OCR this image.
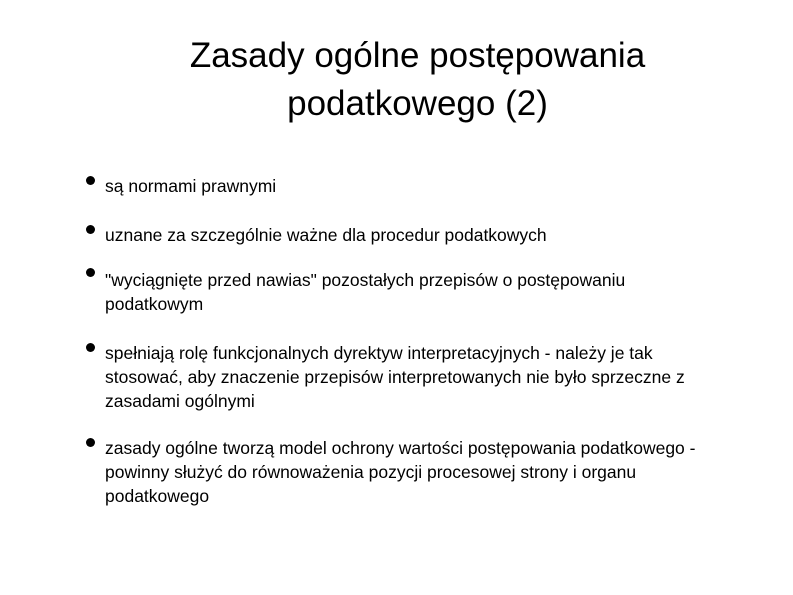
Zasady ogólne postępowania
podatkowego (2)
są normami prawnymi
uznane za szczególnie ważne dla procedur podatkowych
"wyciągnięte przed nawias" pozostałych przepisów o postępowaniu
podatkowym
spełniają rolę funkcjonalnych dyrektyw interpretacyjnych - należy je tak
stosować, aby znaczenie przepisów interpretowanych nie było sprzeczne z
zasadami ogólnymi
zasady ogólne tworzą model ochrony wartości postępowania podatkowego -
powinny służyć do równoważenia pozycji procesowej strony i organu
podatkowego
